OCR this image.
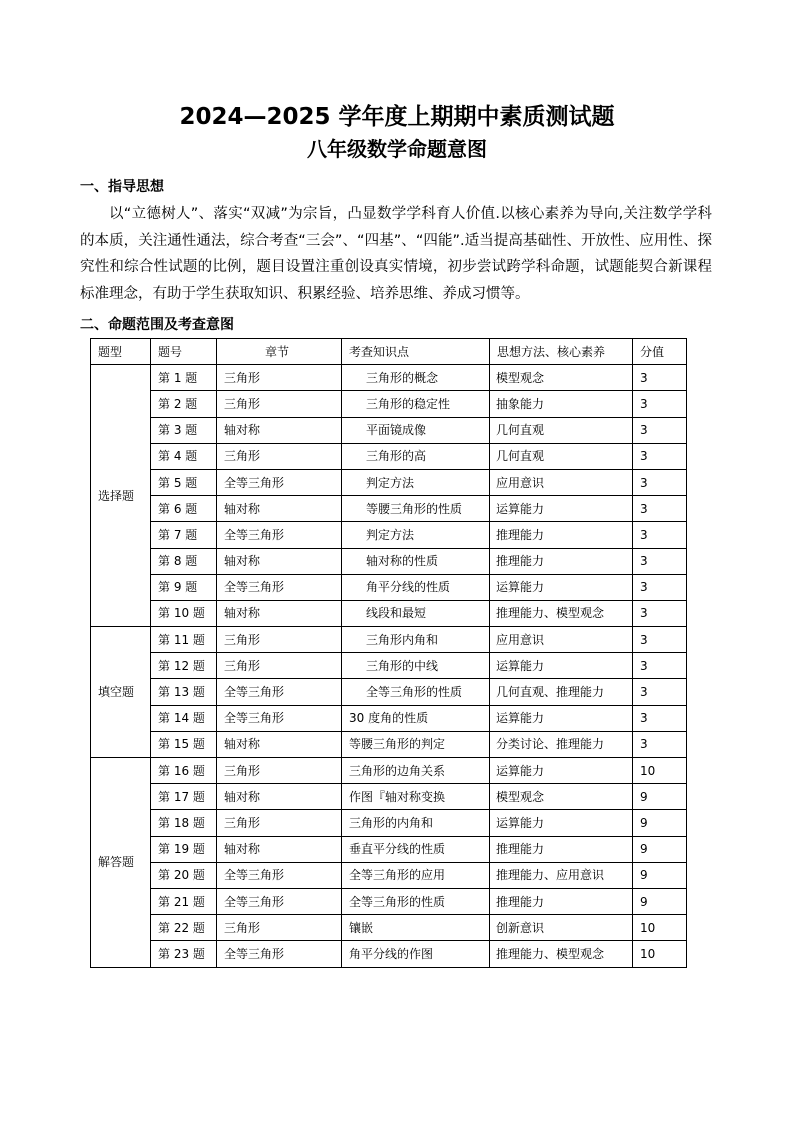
2024—2025 学年度上期期中素质测试题
八年级数学命题意图
一、指导思想

以“立德树人”、落实“双减”为宗旨，凸显数学学科育人价值.以核心素养为导向,关注数学学科的本质，关注通性通法，综合考查“三会”、“四基”、“四能”.适当提高基础性、开放性、应用性、探究性和综合性试题的比例，题目设置注重创设真实情境，初步尝试跨学科命题，试题能契合新课程标准理念，有助于学生获取知识、积累经验、培养思维、养成习惯等。

二、命题范围及考查意图
题型	题号	章节	考查知识点	思想方法、核心素养	分值
选择题	第 1 题	三角形	三角形的概念	模型观念	3
	第 2 题	三角形	三角形的稳定性	抽象能力	3
	第 3 题	轴对称	平面镜成像	几何直观	3
	第 4 题	三角形	三角形的高	几何直观	3
	第 5 题	全等三角形	判定方法	应用意识	3
	第 6 题	轴对称	等腰三角形的性质	运算能力	3
	第 7 题	全等三角形	判定方法	推理能力	3
	第 8 题	轴对称	轴对称的性质	推理能力	3
	第 9 题	全等三角形	角平分线的性质	运算能力	3
	第 10 题	轴对称	线段和最短	推理能力、模型观念	3
填空题	第 11 题	三角形	三角形内角和	应用意识	3
	第 12 题	三角形	三角形的中线	运算能力	3
	第 13 题	全等三角形	全等三角形的性质	几何直观、推理能力	3
	第 14 题	全等三角形	30 度角的性质	运算能力	3
	第 15 题	轴对称	等腰三角形的判定	分类讨论、推理能力	3
解答题	第 16 题	三角形	三角形的边角关系	运算能力	10
	第 17 题	轴对称	作图『轴对称变换	模型观念	9
	第 18 题	三角形	三角形的内角和	运算能力	9
	第 19 题	轴对称	垂直平分线的性质	推理能力	9
	第 20 题	全等三角形	全等三角形的应用	推理能力、应用意识	9
	第 21 题	全等三角形	全等三角形的性质	推理能力	9
	第 22 题	三角形	镶嵌	创新意识	10
	第 23 题	全等三角形	角平分线的作图	推理能力、模型观念	10
